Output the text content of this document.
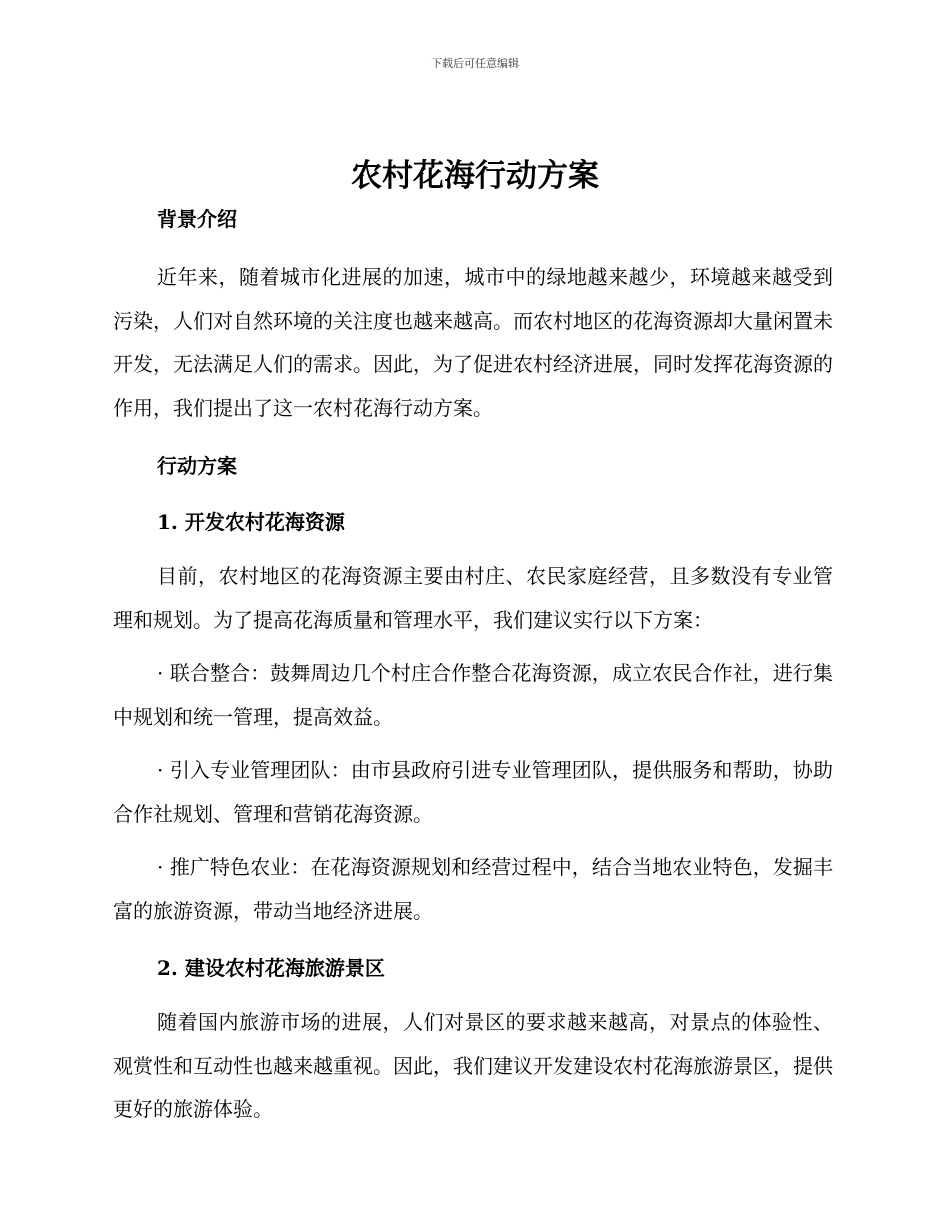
下载后可任意编辑
农村花海行动方案

背景介绍

近年来，随着城市化进展的加速，城市中的绿地越来越少，环境越来越受到污染，人们对自然环境的关注度也越来越高。而农村地区的花海资源却大量闲置未开发，无法满足人们的需求。因此，为了促进农村经济进展，同时发挥花海资源的作用，我们提出了这一农村花海行动方案。

行动方案

1. 开发农村花海资源

目前，农村地区的花海资源主要由村庄、农民家庭经营，且多数没有专业管理和规划。为了提高花海质量和管理水平，我们建议实行以下方案：

· 联合整合：鼓舞周边几个村庄合作整合花海资源，成立农民合作社，进行集中规划和统一管理，提高效益。

· 引入专业管理团队：由市县政府引进专业管理团队，提供服务和帮助，协助合作社规划、管理和营销花海资源。

· 推广特色农业：在花海资源规划和经营过程中，结合当地农业特色，发掘丰富的旅游资源，带动当地经济进展。

2. 建设农村花海旅游景区

随着国内旅游市场的进展，人们对景区的要求越来越高，对景点的体验性、观赏性和互动性也越来越重视。因此，我们建议开发建设农村花海旅游景区，提供更好的旅游体验。
